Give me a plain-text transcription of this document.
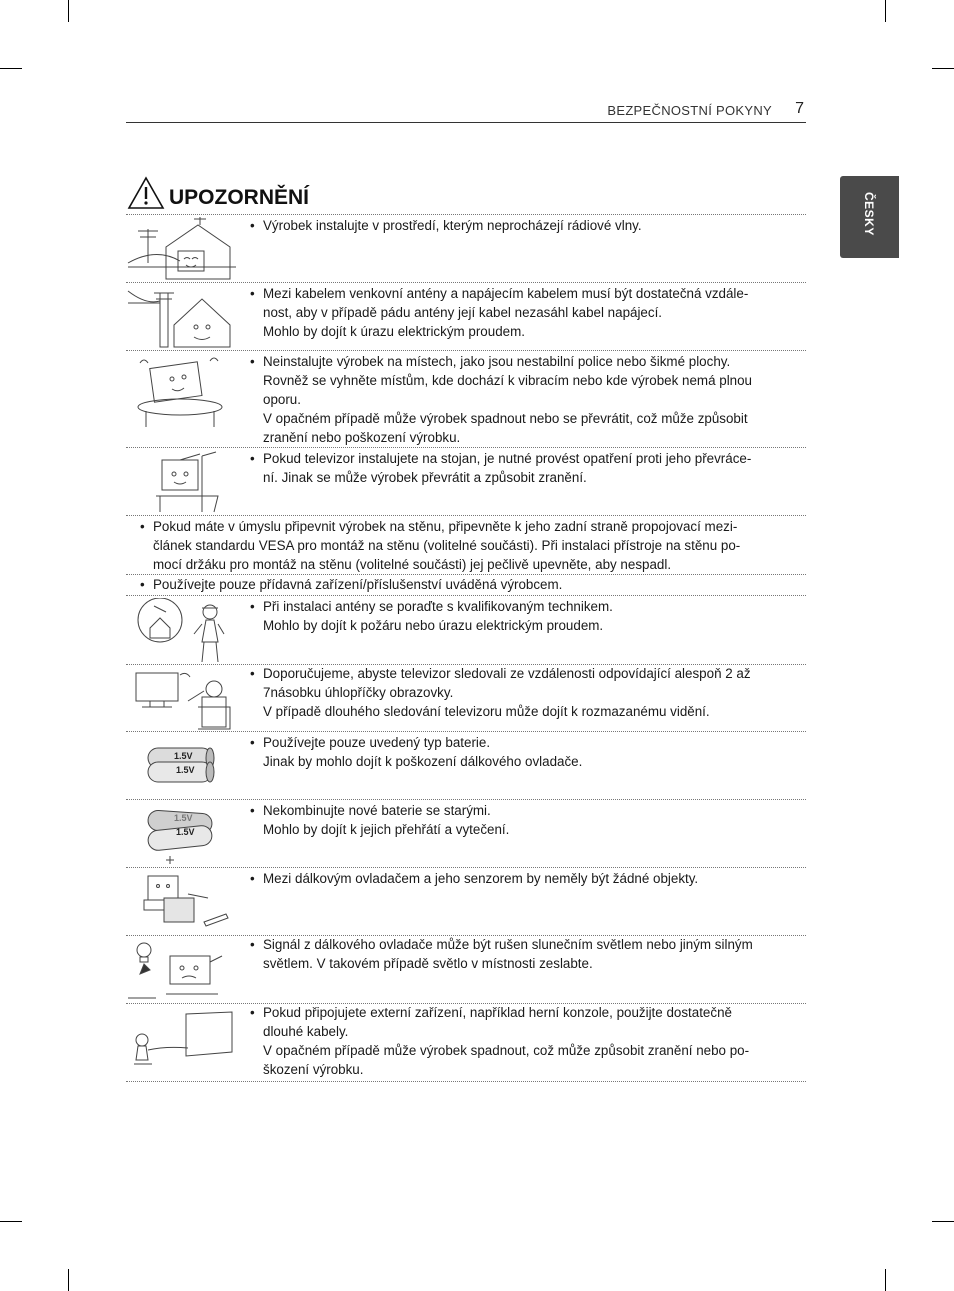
BEZPEČNOSTNÍ POKYNY 7
ČESKY
UPOZORNĚNÍ
• Výrobek instalujte v prostředí, kterým neprocházejí rádiové vlny.
• Mezi kabelem venkovní antény a napájecím kabelem musí být dostatečná vzdále-
nost, aby v případě pádu antény její kabel nezasáhl kabel napájecí.
Mohlo by dojít k úrazu elektrickým proudem.
• Neinstalujte výrobek na místech, jako jsou nestabilní police nebo šikmé plochy.
Rovněž se vyhněte místům, kde dochází k vibracím nebo kde výrobek nemá plnou
oporu.
V opačném případě může výrobek spadnout nebo se převrátit, což může způsobit
zranění nebo poškození výrobku.
• Pokud televizor instalujete na stojan, je nutné provést opatření proti jeho převráce-
ní. Jinak se může výrobek převrátit a způsobit zranění.
• Pokud máte v úmyslu připevnit výrobek na stěnu, připevněte k jeho zadní straně propojovací mezi-
článek standardu VESA pro montáž na stěnu (volitelné součásti). Při instalaci přístroje na stěnu po-
mocí držáku pro montáž na stěnu (volitelné součásti) jej pečlivě upevněte, aby nespadl.
• Používejte pouze přídavná zařízení/příslušenství uváděná výrobcem.
• Při instalaci antény se poraďte s kvalifikovaným technikem.
Mohlo by dojít k požáru nebo úrazu elektrickým proudem.
• Doporučujeme, abyste televizor sledovali ze vzdálenosti odpovídající alespoň 2 až
7násobku úhlopříčky obrazovky.
V případě dlouhého sledování televizoru může dojít k rozmazanému vidění.
1.5V
1.5V
• Používejte pouze uvedený typ baterie.
Jinak by mohlo dojít k poškození dálkového ovladače.
1.5V
1.5V
• Nekombinujte nové baterie se starými.
Mohlo by dojít k jejich přehřátí a vytečení.
• Mezi dálkovým ovladačem a jeho senzorem by neměly být žádné objekty.
• Signál z dálkového ovladače může být rušen slunečním světlem nebo jiným silným
světlem. V takovém případě světlo v místnosti zeslabte.
• Pokud připojujete externí zařízení, například herní konzole, použijte dostatečně
dlouhé kabely.
V opačném případě může výrobek spadnout, což může způsobit zranění nebo po-
škození výrobku.
